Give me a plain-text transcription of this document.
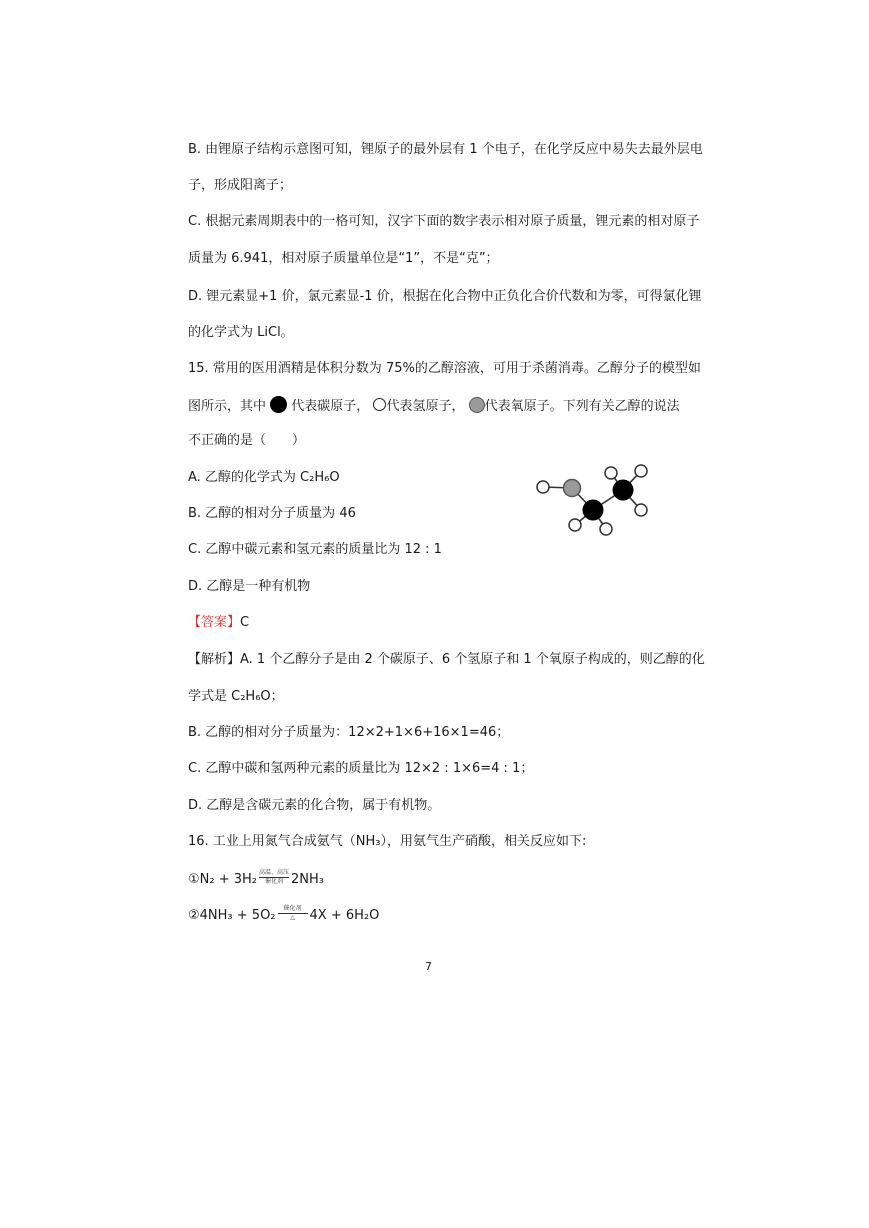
B. 由锂原子结构示意图可知，锂原子的最外层有 1 个电子，在化学反应中易失去最外层电
子，形成阳离子；
C. 根据元素周期表中的一格可知，汉字下面的数字表示相对原子质量，锂元素的相对原子
质量为 6.941，相对原子质量单位是“1”，不是“克”；
D. 锂元素显+1 价，氯元素显-1 价，根据在化合物中正负化合价代数和为零，可得氯化锂
的化学式为 LiCl。
15. 常用的医用酒精是体积分数为 75%的乙醇溶液，可用于杀菌消毒。乙醇分子的模型如
图所示，其中 代表碳原子， 代表氢原子， 代表氧原子。下列有关乙醇的说法
不正确的是（　　）
A. 乙醇的化学式为 C₂H₆O
B. 乙醇的相对分子质量为 46
C. 乙醇中碳元素和氢元素的质量比为 12 : 1
D. 乙醇是一种有机物
【答案】C
【解析】A. 1 个乙醇分子是由 2 个碳原子、6 个氢原子和 1 个氧原子构成的，则乙醇的化
学式是 C₂H₆O；
B. 乙醇的相对分子质量为：12×2+1×6+16×1=46；
C. 乙醇中碳和氢两种元素的质量比为 12×2 : 1×6=4 : 1；
D. 乙醇是含碳元素的化合物，属于有机物。
16. 工业上用氮气合成氨气（NH₃），用氨气生产硝酸，相关反应如下:
①N₂ + 3H₂ 高温、高压
催化剂 2NH₃
②4NH₃ + 5O₂	催化剂
△	4X + 6H₂O
7
